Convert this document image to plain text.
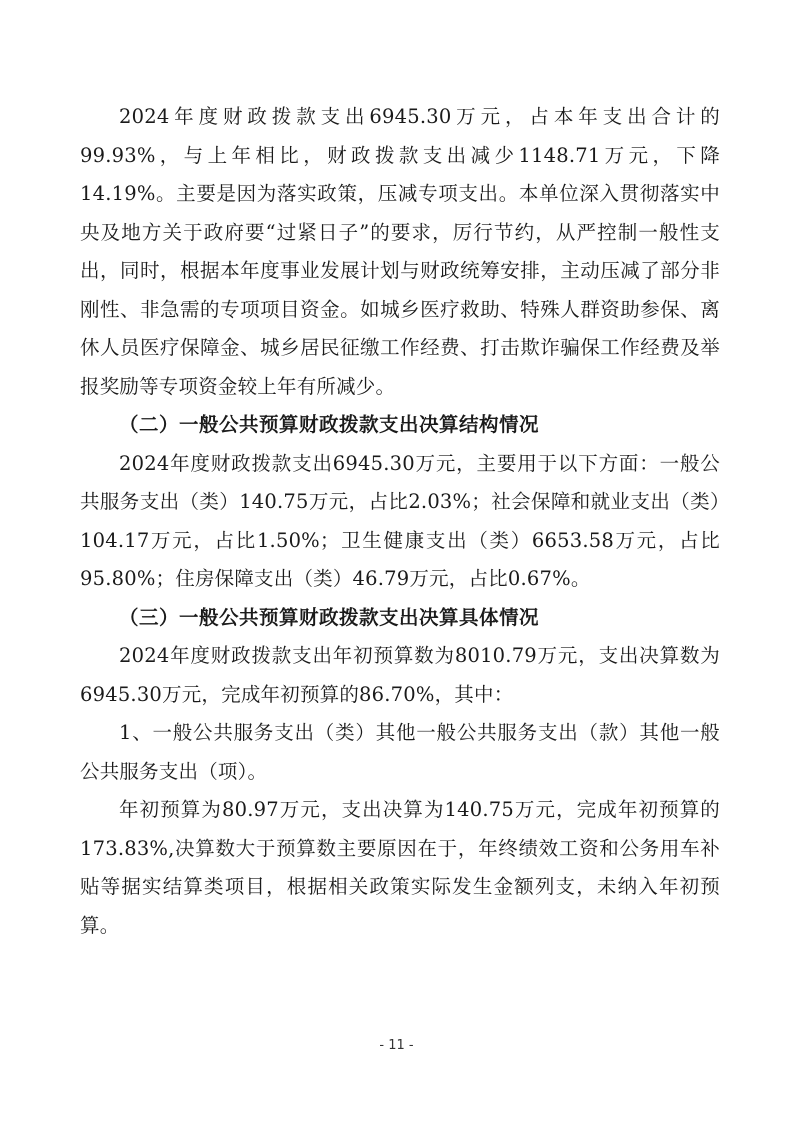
2024年度财政拨款支出6945.30万元，占本年支出合计的99.93%，与上年相比，财政拨款支出减少1148.71万元，下降14.19%。主要是因为落实政策，压减专项支出。本单位深入贯彻落实中央及地方关于政府要“过紧日子”的要求，厉行节约，从严控制一般性支出，同时，根据本年度事业发展计划与财政统筹安排，主动压减了部分非刚性、非急需的专项项目资金。如城乡医疗救助、特殊人群资助参保、离休人员医疗保障金、城乡居民征缴工作经费、打击欺诈骗保工作经费及举报奖励等专项资金较上年有所减少。

（二）一般公共预算财政拨款支出决算结构情况

2024年度财政拨款支出6945.30万元，主要用于以下方面：一般公共服务支出（类）140.75万元，占比2.03%；社会保障和就业支出（类）104.17万元，占比1.50%；卫生健康支出（类）6653.58万元，占比95.80%；住房保障支出（类）46.79万元，占比0.67%。

（三）一般公共预算财政拨款支出决算具体情况

2024年度财政拨款支出年初预算数为8010.79万元，支出决算数为6945.30万元，完成年初预算的86.70%，其中：

1、一般公共服务支出（类）其他一般公共服务支出（款）其他一般公共服务支出（项）。

年初预算为80.97万元，支出决算为140.75万元，完成年初预算的173.83%,决算数大于预算数主要原因在于，年终绩效工资和公务用车补贴等据实结算类项目，根据相关政策实际发生金额列支，未纳入年初预算。

- 11 -
